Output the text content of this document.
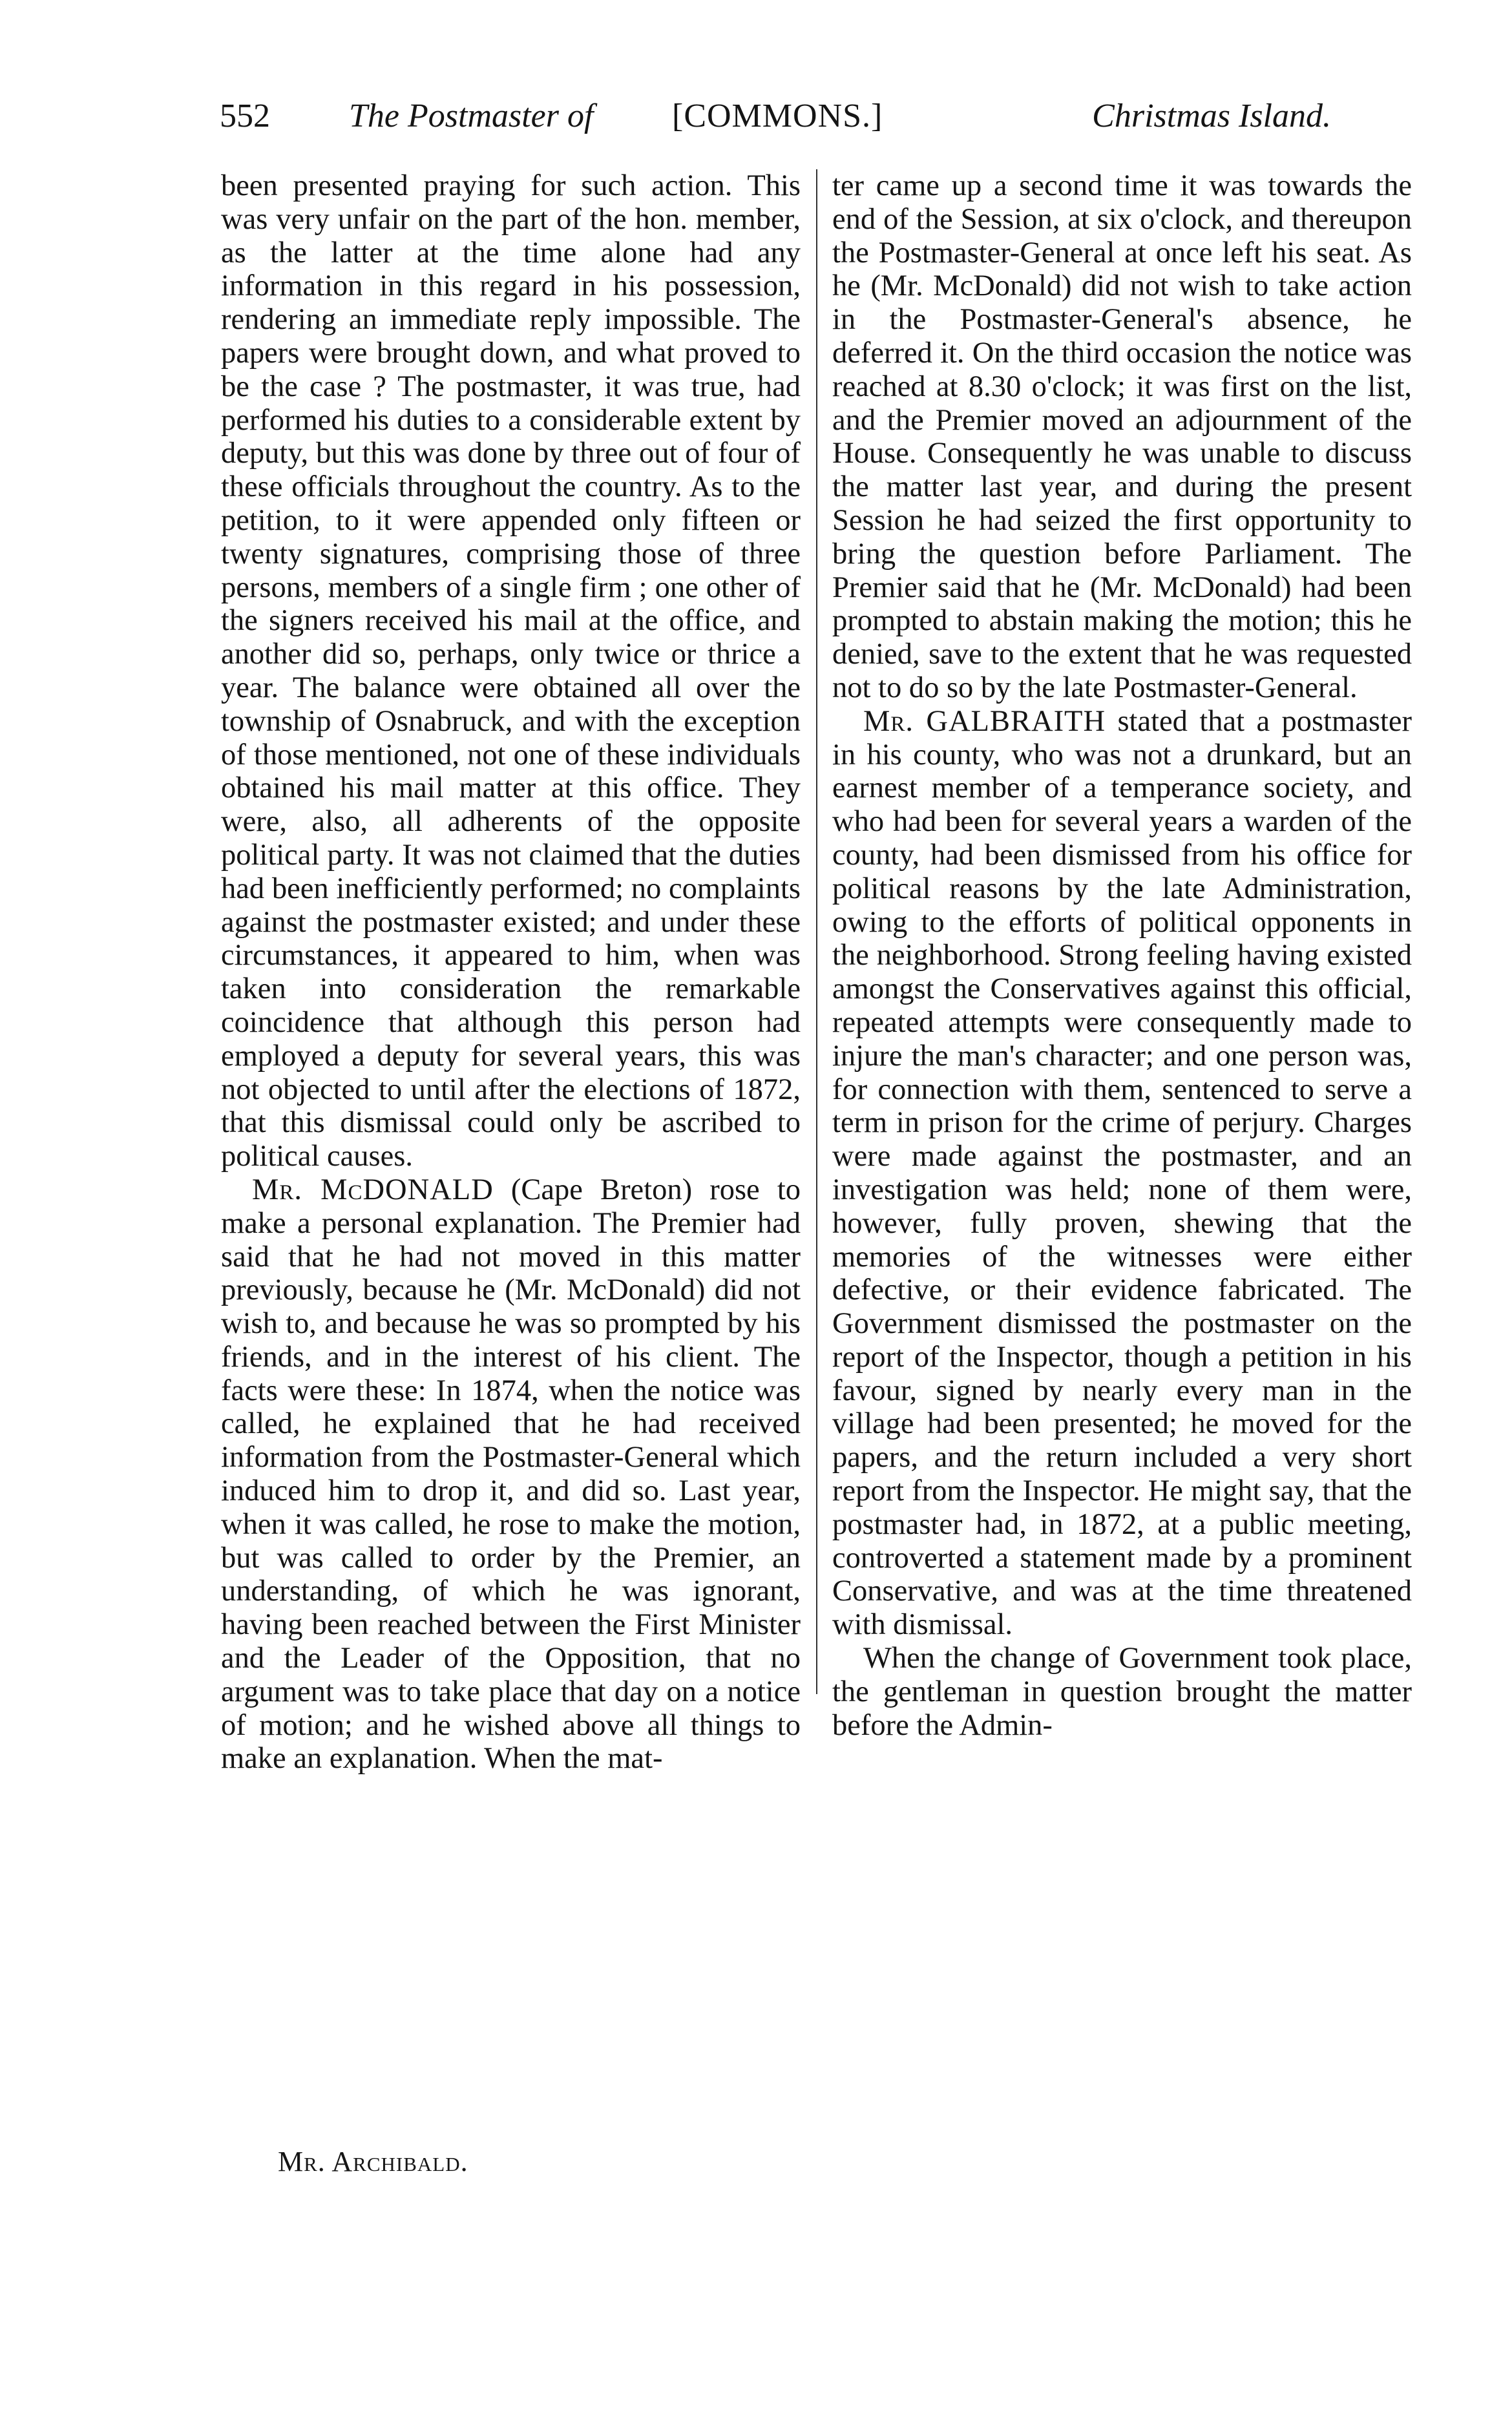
552 The Postmaster of [COMMONS.]	Christmas Island.

been presented praying for such action. This was very unfair on the part of the hon. member, as the latter at the time alone had any information in this regard in his possession, rendering an immediate reply impossible. The papers were brought down, and what proved to be the case ? The postmaster, it was true, had performed his duties to a considerable extent by deputy, but this was done by three out of four of these officials throughout the country. As to the petition, to it were appended only fifteen or twenty signatures, comprising those of three persons, members of a single firm ; one other of the signers received his mail at the office, and another did so, perhaps, only twice or thrice a year. The balance were obtained all over the township of Osnabruck, and with the exception of those mentioned, not one of these individuals obtained his mail matter at this office. They were, also, all adherents of the opposite political party. It was not claimed that the duties had been inefficiently performed; no complaints against the postmaster existed; and under these circumstances, it appeared to him, when was taken into consideration the remarkable coincidence that although this person had employed a deputy for several years, this was not objected to until after the elections of 1872, that this dismissal could only be ascribed to political causes.

Mr. McDONALD (Cape Breton) rose to make a personal explanation. The Premier had said that he had not moved in this matter previously, because he (Mr. McDonald) did not wish to, and because he was so prompted by his friends, and in the interest of his client. The facts were these: In 1874, when the notice was called, he explained that he had received information from the Postmaster-General which induced him to drop it, and did so. Last year, when it was called, he rose to make the motion, but was called to order by the Premier, an understanding, of which he was ignorant, having been reached between the First Minister and the Leader of the Opposition, that no argument was to take place that day on a notice of motion; and he wished above all things to make an explanation. When the mat-

ter came up a second time it was towards the end of the Session, at six o'clock, and thereupon the Postmaster-General at once left his seat. As he (Mr. McDonald) did not wish to take action in the Postmaster-General's absence, he deferred it. On the third occasion the notice was reached at 8.30 o'clock; it was first on the list, and the Premier moved an adjournment of the House. Consequently he was unable to discuss the matter last year, and during the present Session he had seized the first opportunity to bring the question before Parliament. The Premier said that he (Mr. McDonald) had been prompted to abstain making the motion; this he denied, save to the extent that he was requested not to do so by the late Postmaster-General.

Mr. GALBRAITH stated that a postmaster in his county, who was not a drunkard, but an earnest member of a temperance society, and who had been for several years a warden of the county, had been dismissed from his office for political reasons by the late Administration, owing to the efforts of political opponents in the neighborhood. Strong feeling having existed amongst the Conservatives against this official, repeated attempts were consequently made to injure the man's character; and one person was, for connection with them, sentenced to serve a term in prison for the crime of perjury. Charges were made against the postmaster, and an investigation was held; none of them were, however, fully proven, shewing that the memories of the witnesses were either defective, or their evidence fabricated. The Government dismissed the postmaster on the report of the Inspector, though a petition in his favour, signed by nearly every man in the village had been presented; he moved for the papers, and the return included a very short report from the Inspector. He might say, that the postmaster had, in 1872, at a public meeting, controverted a statement made by a prominent Conservative, and was at the time threatened with dismissal.

When the change of Government took place, the gentleman in question brought the matter before the Admin-

Mr. Archibald.
